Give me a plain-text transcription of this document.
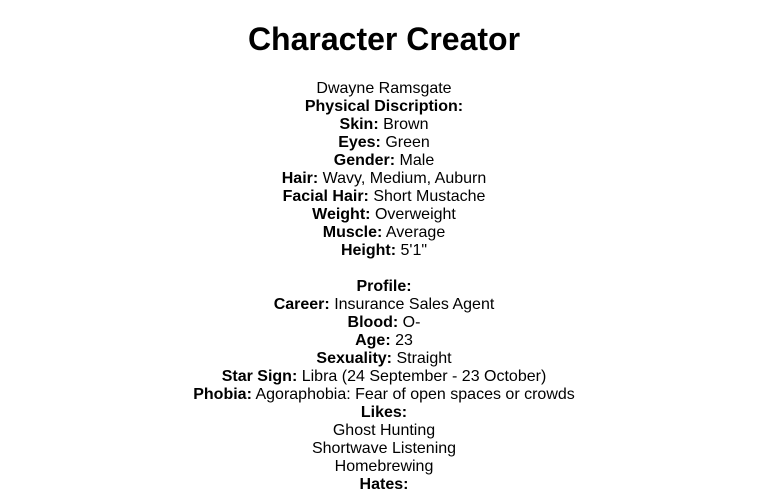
Character Creator
Dwayne Ramsgate
Physical Discription:
Skin: Brown
Eyes: Green
Gender: Male
Hair: Wavy, Medium, Auburn
Facial Hair: Short Mustache
Weight: Overweight
Muscle: Average
Height: 5'1"
Profile:
Career: Insurance Sales Agent
Blood: O-
Age: 23
Sexuality: Straight
Star Sign: Libra (24 September - 23 October)
Phobia: Agoraphobia: Fear of open spaces or crowds
Likes:
Ghost Hunting
Shortwave Listening
Homebrewing
Hates:
